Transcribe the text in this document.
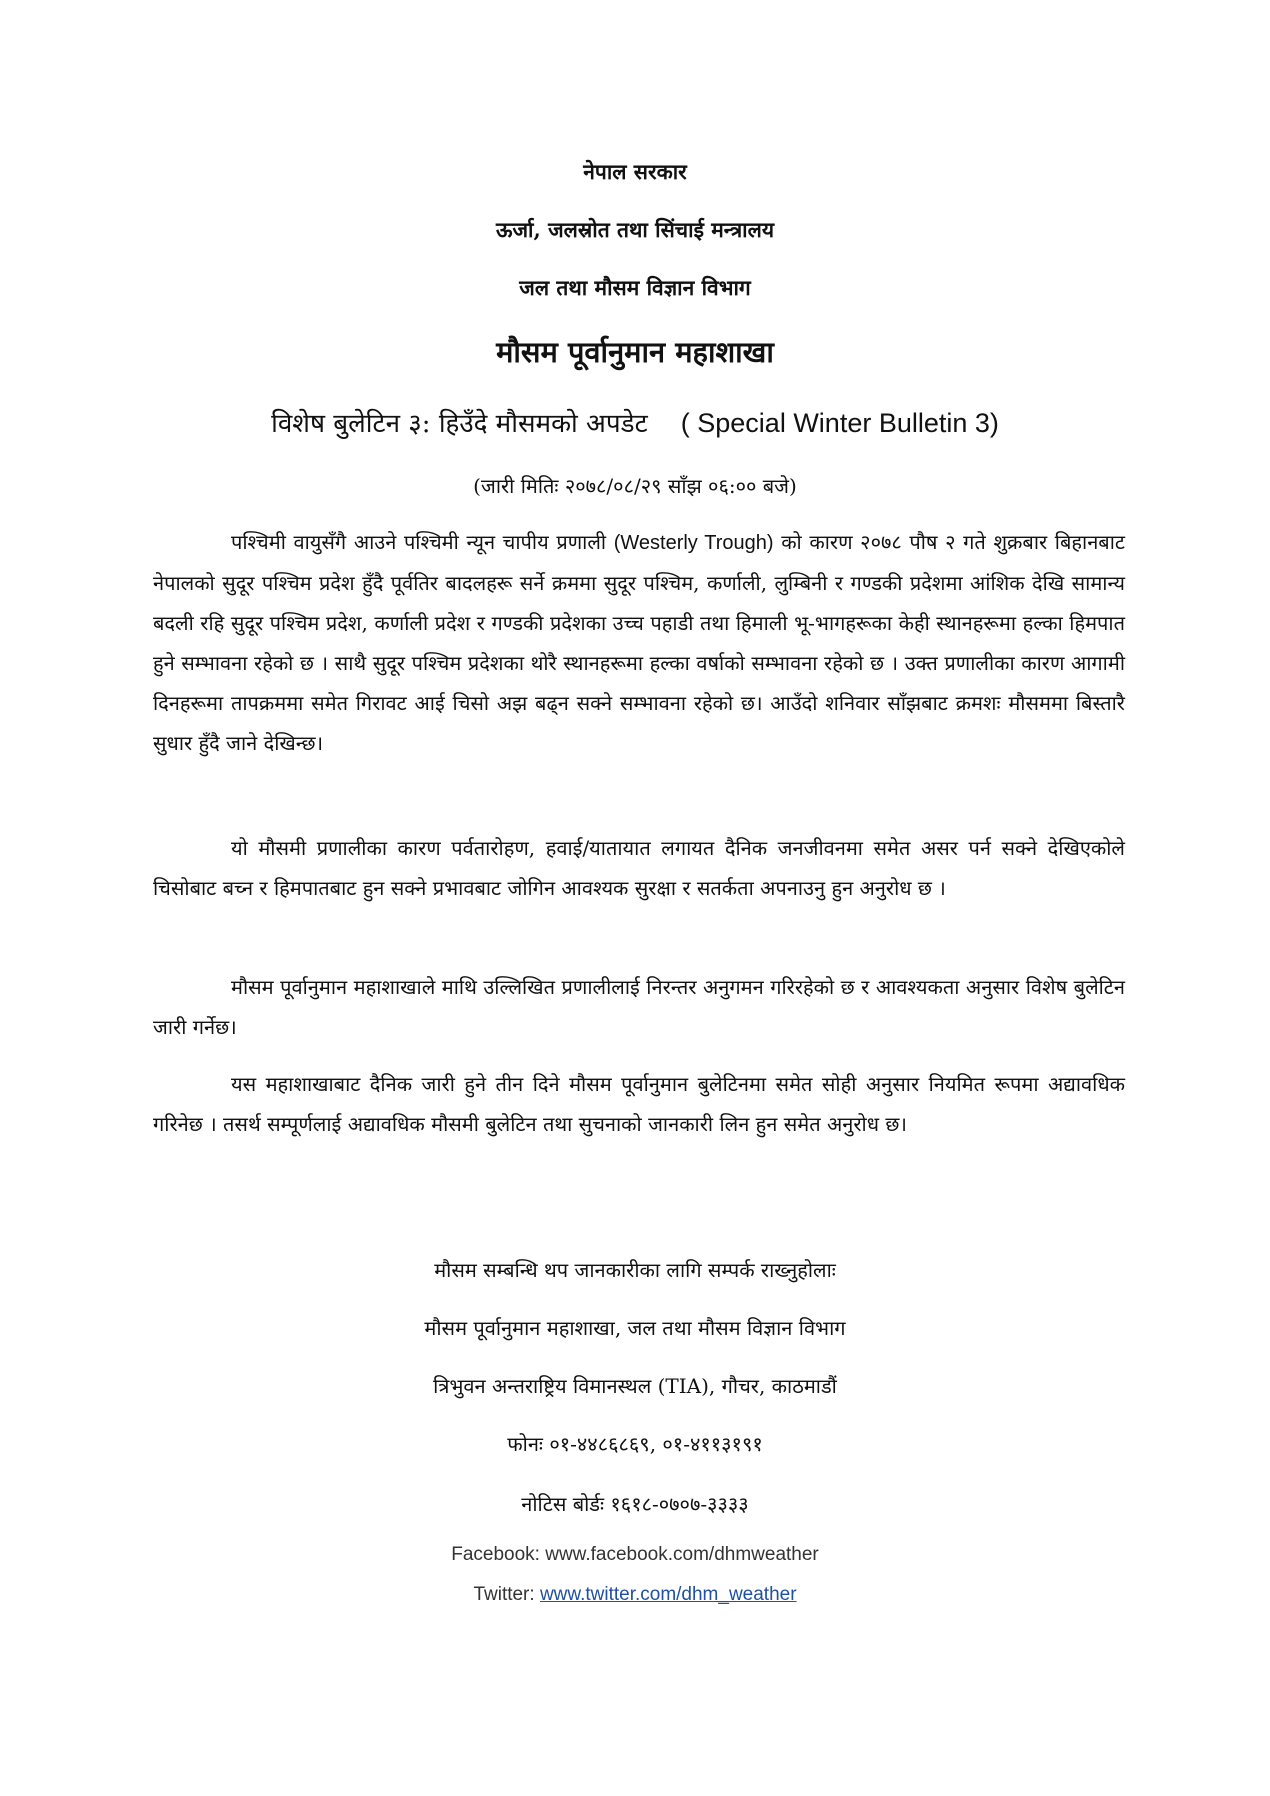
नेपाल सरकार
ऊर्जा, जलस्रोत तथा सिंचाई मन्त्रालय
जल तथा मौसम विज्ञान विभाग
मौसम पूर्वानुमान महाशाखा
विशेष बुलेटिन ३: हिउँदे मौसमको अपडेट ( Special Winter Bulletin 3)
(जारी मितिः २०७८/०८/२९ साँझ ०६:०० बजे)

पश्चिमी वायुसँगै आउने पश्चिमी न्यून चापीय प्रणाली (Westerly Trough) को कारण २०७८ पौष २ गते शुक्रबार बिहानबाट नेपालको सुदूर पश्चिम प्रदेश हुँदै पूर्वतिर बादलहरू सर्ने क्रममा सुदूर पश्चिम, कर्णाली, लुम्बिनी र गण्डकी प्रदेशमा आंशिक देखि सामान्य बदली रहि सुदूर पश्चिम प्रदेश, कर्णाली प्रदेश र गण्डकी प्रदेशका उच्च पहाडी तथा हिमाली भू-भागहरूका केही स्थानहरूमा हल्का हिमपात हुने सम्भावना रहेको छ । साथै सुदूर पश्चिम प्रदेशका थोरै स्थानहरूमा हल्का वर्षाको सम्भावना रहेको छ । उक्त प्रणालीका कारण आगामी दिनहरूमा तापक्रममा समेत गिरावट आई चिसो अझ बढ्न सक्ने सम्भावना रहेको छ। आउँदो शनिवार साँझबाट क्रमशः मौसममा बिस्तारै सुधार हुँदै जाने देखिन्छ।

यो मौसमी प्रणालीका कारण पर्वतारोहण, हवाई/यातायात लगायत दैनिक जनजीवनमा समेत असर पर्न सक्ने देखिएकोले चिसोबाट बच्न र हिमपातबाट हुन सक्ने प्रभावबाट जोगिन आवश्यक सुरक्षा र सतर्कता अपनाउनु हुन अनुरोध छ ।

मौसम पूर्वानुमान महाशाखाले माथि उल्लिखित प्रणालीलाई निरन्तर अनुगमन गरिरहेको छ र आवश्यकता अनुसार विशेष बुलेटिन जारी गर्नेछ।

यस महाशाखाबाट दैनिक जारी हुने तीन दिने मौसम पूर्वानुमान बुलेटिनमा समेत सोही अनुसार नियमित रूपमा अद्यावधिक गरिनेछ । तसर्थ सम्पूर्णलाई अद्यावधिक मौसमी बुलेटिन तथा सुचनाको जानकारी लिन हुन समेत अनुरोध छ।

मौसम सम्बन्धि थप जानकारीका लागि सम्पर्क राख्नुहोलाः
मौसम पूर्वानुमान महाशाखा, जल तथा मौसम विज्ञान विभाग
त्रिभुवन अन्तराष्ट्रिय विमानस्थल (TIA), गौचर, काठमाडौं
फोनः ०१-४४८६८६९, ०१-४११३१९१
नोटिस बोर्डः १६१८-०७०७-३३३३
Facebook: www.facebook.com/dhmweather
Twitter: www.twitter.com/dhm_weather
